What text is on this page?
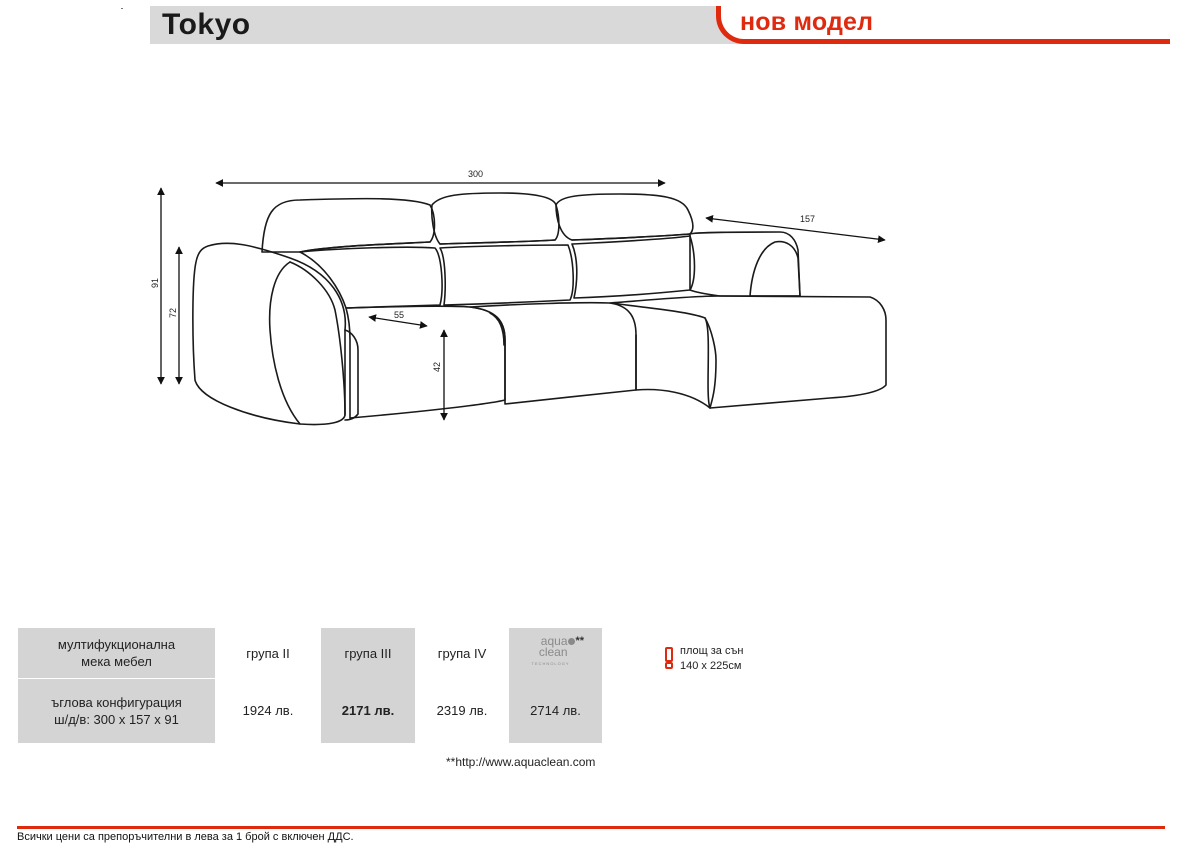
Tokyo	нов модел
300
157
91
72	55
42
мултифукционална
мека мебел	група II	група III	група IV	aqua
clean
**
TECHNOLOGY

ъглова конфигурация
ш/д/в: 300 x 157 x 91	1924 лв.	2171 лв.	2319 лв.	2714 лв.
**http://www.aquaclean.com
площ за сън
140 x 225см
Всички цени са препоръчителни в лева за 1 брой с включен ДДС.
